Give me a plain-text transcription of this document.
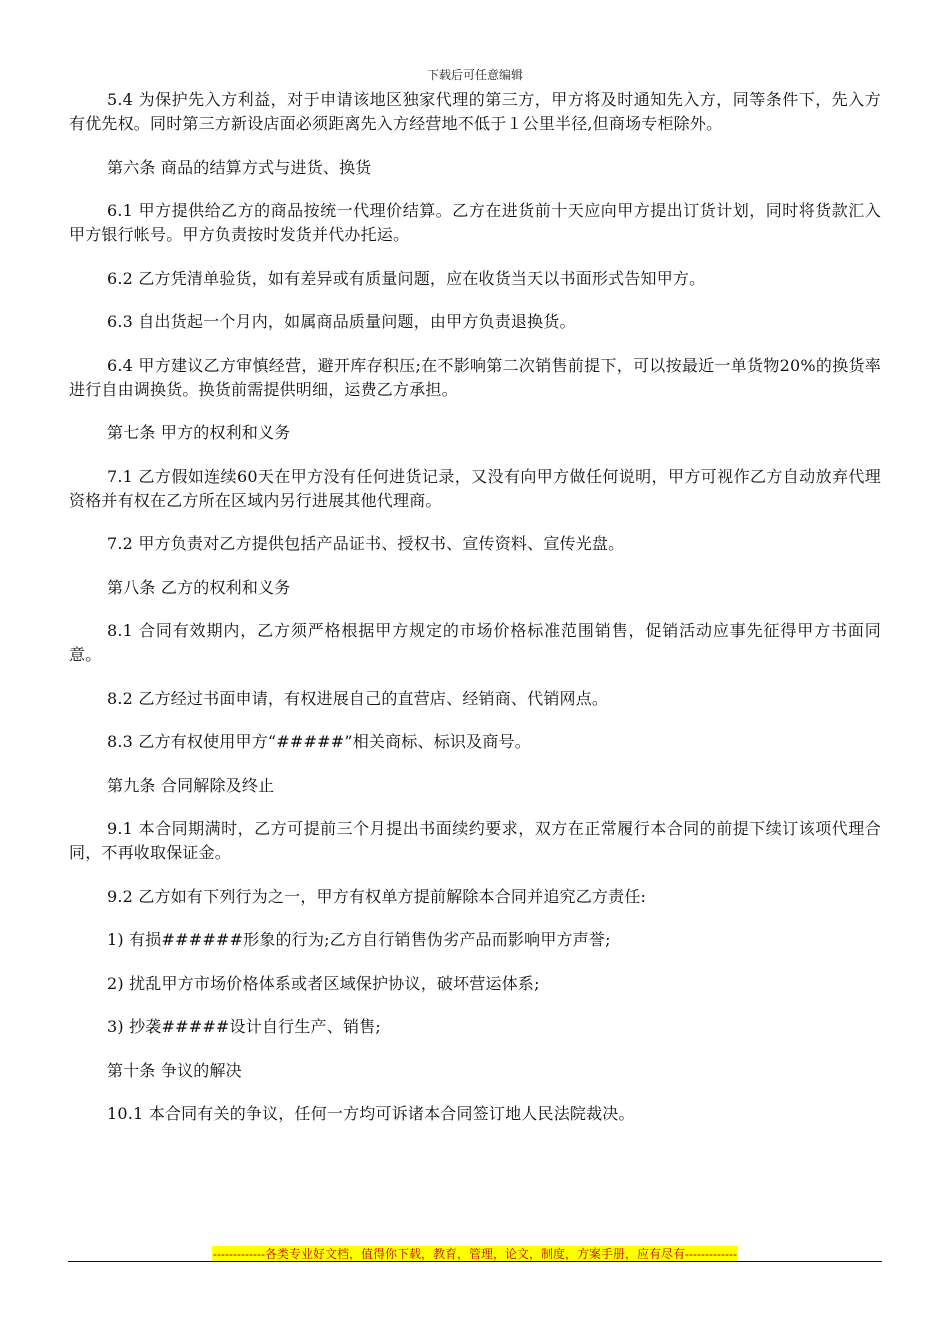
下载后可任意编辑

5.4 为保护先入方利益，对于申请该地区独家代理的第三方，甲方将及时通知先入方，同等条件下，先入方有优先权。同时第三方新设店面必须距离先入方经营地不低于１公里半径,但商场专柜除外。

第六条 商品的结算方式与进货、换货

6.1 甲方提供给乙方的商品按统一代理价结算。乙方在进货前十天应向甲方提出订货计划，同时将货款汇入甲方银行帐号。甲方负责按时发货并代办托运。

6.2 乙方凭清单验货，如有差异或有质量问题，应在收货当天以书面形式告知甲方。

6.3 自出货起一个月内，如属商品质量问题，由甲方负责退换货。

6.4 甲方建议乙方审慎经营，避开库存积压;在不影响第二次销售前提下，可以按最近一单货物20%的换货率进行自由调换货。换货前需提供明细，运费乙方承担。

第七条 甲方的权利和义务

7.1 乙方假如连续60天在甲方没有任何进货记录，又没有向甲方做任何说明，甲方可视作乙方自动放弃代理资格并有权在乙方所在区域内另行进展其他代理商。

7.2 甲方负责对乙方提供包括产品证书、授权书、宣传资料、宣传光盘。

第八条 乙方的权利和义务

8.1 合同有效期内，乙方须严格根据甲方规定的市场价格标准范围销售，促销活动应事先征得甲方书面同意。

8.2 乙方经过书面申请，有权进展自己的直营店、经销商、代销网点。

8.3 乙方有权使用甲方“#####”相关商标、标识及商号。

第九条 合同解除及终止

9.1 本合同期满时，乙方可提前三个月提出书面续约要求，双方在正常履行本合同的前提下续订该项代理合同，不再收取保证金。

9.2 乙方如有下列行为之一，甲方有权单方提前解除本合同并追究乙方责任:

1) 有损######形象的行为;乙方自行销售伪劣产品而影响甲方声誉;

2) 扰乱甲方市场价格体系或者区域保护协议，破坏营运体系;

3) 抄袭#####设计自行生产、销售;

第十条 争议的解决

10.1 本合同有关的争议，任何一方均可诉诸本合同签订地人民法院裁决。

-------------各类专业好文档，值得你下载，教育，管理，论文，制度，方案手册，应有尽有-------------
